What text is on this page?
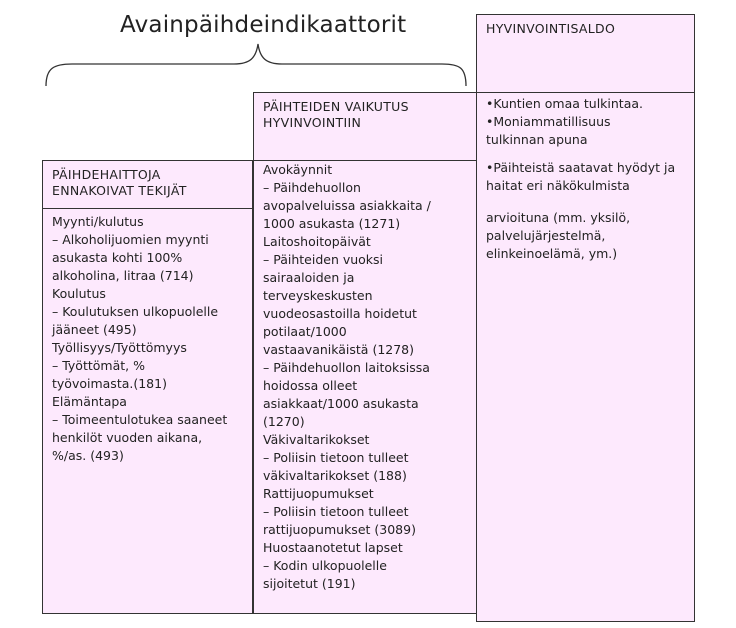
Avainpäihdeindikaattorit
PÄIHDEHAITTOJA
ENNAKOIVAT TEKIJÄT
Myynti/kulutus
– Alkoholijuomien myynti
asukasta kohti 100%
alkoholina, litraa (714)
Koulutus
– Koulutuksen ulkopuolelle
jääneet (495)
Työllisyys/Työttömyys
– Työttömät, %
työvoimasta.(181)
Elämäntapa
– Toimeentulotukea saaneet
henkilöt vuoden aikana,
%/as. (493)
PÄIHTEIDEN VAIKUTUS
HYVINVOINTIIN
Avokäynnit
– Päihdehuollon
avopalveluissa asiakkaita /
1000 asukasta (1271)
Laitoshoitopäivät
– Päihteiden vuoksi
sairaaloiden ja
terveyskeskusten
vuodeosastoilla hoidetut
potilaat/1000
vastaavanikäistä (1278)
– Päihdehuollon laitoksissa
hoidossa olleet
asiakkaat/1000 asukasta
(1270)
Väkivaltarikokset
– Poliisin tietoon tulleet
väkivaltarikokset (188)
Rattijuopumukset
– Poliisin tietoon tulleet
rattijuopumukset (3089)
Huostaanotetut lapset
– Kodin ulkopuolelle
sijoitetut (191)
HYVINVOINTISALDO
•Kuntien omaa tulkintaa.
•Moniammatillisuus
tulkinnan apuna
•Päihteistä saatavat hyödyt ja
haitat eri näkökulmista
arvioituna (mm. yksilö,
palvelujärjestelmä,
elinkeinoelämä, ym.)
